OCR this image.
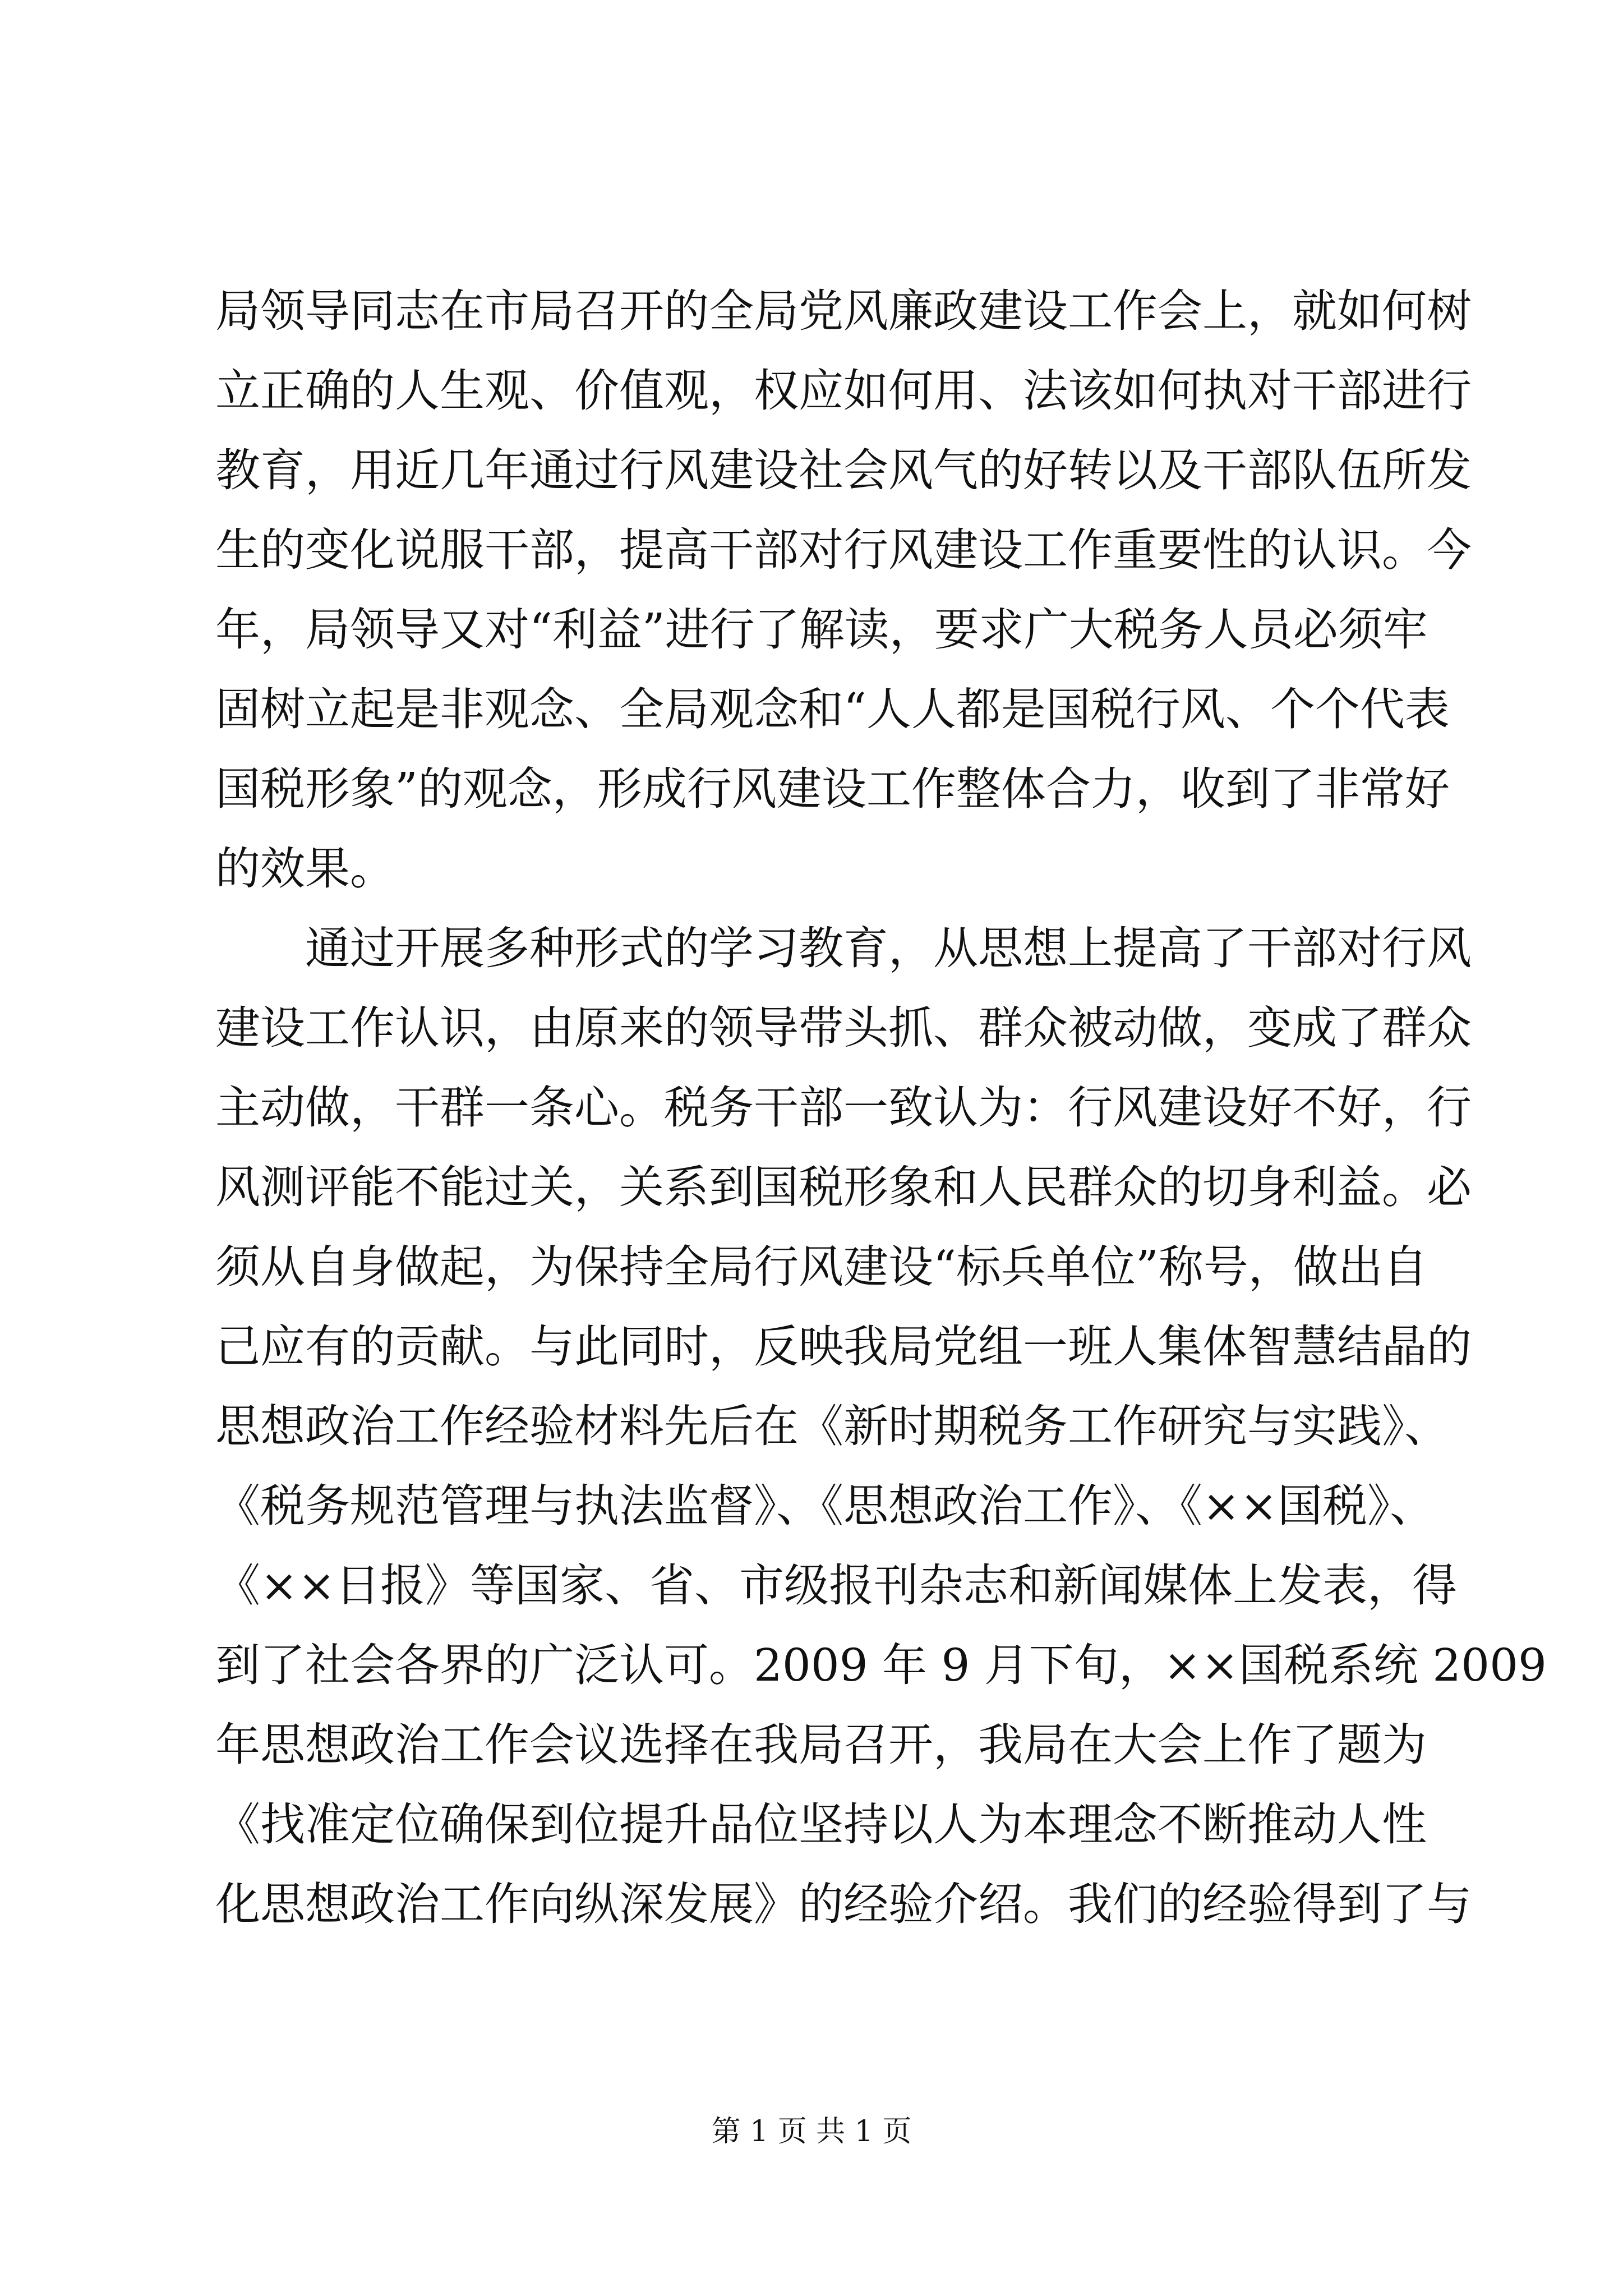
局领导同志在市局召开的全局党风廉政建设工作会上，就如何树
立正确的人生观、价值观，权应如何用、法该如何执对干部进行
教育，用近几年通过行风建设社会风气的好转以及干部队伍所发
生的变化说服干部，提高干部对行风建设工作重要性的认识。今
年，局领导又对“利益”进行了解读，要求广大税务人员必须牢
固树立起是非观念、全局观念和“人人都是国税行风、个个代表
国税形象”的观念，形成行风建设工作整体合力，收到了非常好
的效果。
　　通过开展多种形式的学习教育，从思想上提高了干部对行风
建设工作认识，由原来的领导带头抓、群众被动做，变成了群众
主动做，干群一条心。税务干部一致认为：行风建设好不好，行
风测评能不能过关，关系到国税形象和人民群众的切身利益。必
须从自身做起，为保持全局行风建设“标兵单位”称号，做出自
己应有的贡献。与此同时，反映我局党组一班人集体智慧结晶的
思想政治工作经验材料先后在《新时期税务工作研究与实践》、
《税务规范管理与执法监督》、《思想政治工作》、《××国税》、
《××日报》等国家、省、市级报刊杂志和新闻媒体上发表，得
到了社会各界的广泛认可。2009 年 9 月下旬，××国税系统 2009
年思想政治工作会议选择在我局召开，我局在大会上作了题为
《找准定位确保到位提升品位坚持以人为本理念不断推动人性
化思想政治工作向纵深发展》的经验介绍。我们的经验得到了与
第 1 页 共 1 页
